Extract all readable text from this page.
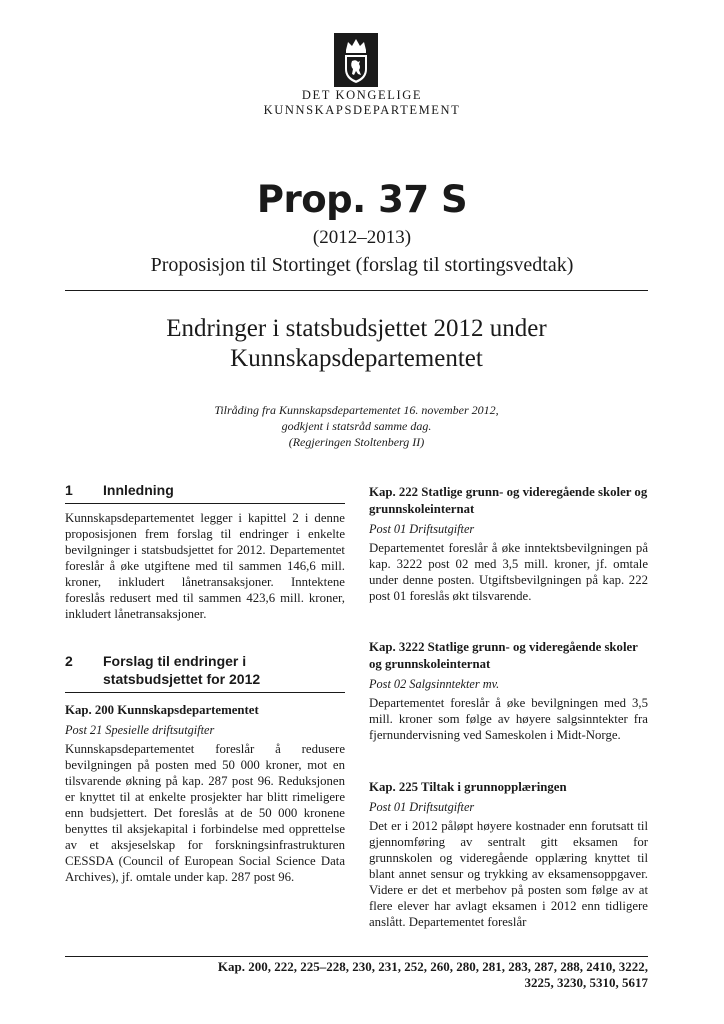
DET KONGELIGE
KUNNSKAPSDEPARTEMENT
Prop. 37 S
(2012–2013)
Proposisjon til Stortinget (forslag til stortingsvedtak)
Endringer i statsbudsjettet 2012 under
Kunnskapsdepartementet
Tilråding fra Kunnskapsdepartementet 16. november 2012,
godkjent i statsråd samme dag.
(Regjeringen Stoltenberg II)
1	Innledning

Kunnskapsdepartementet legger i kapittel 2 i denne proposisjonen frem forslag til endringer i enkelte bevilgninger i statsbudsjettet for 2012. Departementet foreslår å øke utgiftene med til sammen 146,6 mill. kroner, inkludert lånetransaksjoner. Inntektene foreslås redusert med til sammen 423,6 mill. kroner, inkludert lånetransaksjoner.

2	Forslag til endringer i statsbudsjettet for 2012

Kap. 200 Kunnskapsdepartementet

Post 21 Spesielle driftsutgifter

Kunnskapsdepartementet foreslår å redusere bevilgningen på posten med 50 000 kroner, mot en tilsvarende økning på kap. 287 post 96. Reduksjonen er knyttet til at enkelte prosjekter har blitt rimeligere enn budsjettert. Det foreslås at de 50 000 kronene benyttes til aksjekapital i forbindelse med opprettelse av et aksjeselskap for forskningsinfrastrukturen CESSDA (Council of European Social Science Data Archives), jf. omtale under kap. 287 post 96.

Kap. 222 Statlige grunn- og videregående skoler og grunnskoleinternat

Post 01 Driftsutgifter

Departementet foreslår å øke inntektsbevilgningen på kap. 3222 post 02 med 3,5 mill. kroner, jf. omtale under denne posten. Utgiftsbevilgningen på kap. 222 post 01 foreslås økt tilsvarende.

Kap. 3222 Statlige grunn- og videregående skoler og grunnskoleinternat

Post 02 Salgsinntekter mv.

Departementet foreslår å øke bevilgningen med 3,5 mill. kroner som følge av høyere salgsinntekter fra fjernundervisning ved Sameskolen i Midt-Norge.

Kap. 225 Tiltak i grunnopplæringen

Post 01 Driftsutgifter

Det er i 2012 påløpt høyere kostnader enn forutsatt til gjennomføring av sentralt gitt eksamen for grunnskolen og videregående opplæring knyttet til blant annet sensur og trykking av eksamensoppgaver. Videre er det et merbehov på posten som følge av at flere elever har avlagt eksamen i 2012 enn tidligere anslått. Departementet foreslår

Kap. 200, 222, 225–228, 230, 231, 252, 260, 280, 281, 283, 287, 288, 2410, 3222,
3225, 3230, 5310, 5617
